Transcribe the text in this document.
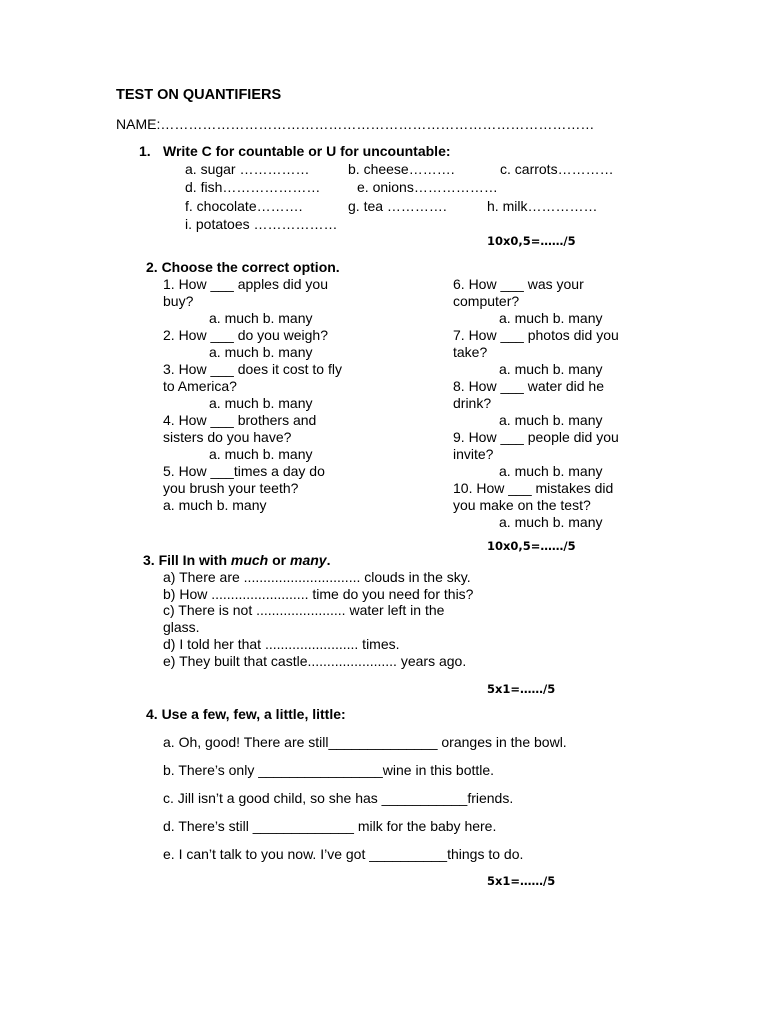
TEST ON QUANTIFIERS
NAME:…………………………………………………………………………………
1. Write C for countable or U for uncountable:
a. sugar ……………	b. cheese……….	c. carrots…………
d. fish…………………	e. onions………………
f. chocolate……….	g. tea ………….	h. milk……………
i. potatoes ………………
10x0,5=……/5
2. Choose the correct option.
1. How ___ apples did you
buy?
a. much b. many
2. How ___ do you weigh?
a. much b. many
3. How ___ does it cost to fly
to America?
a. much b. many
4. How ___ brothers and
sisters do you have?
a. much b. many
5. How ___times a day do
you brush your teeth?
a. much b. many
6. How ___ was your
computer?
a. much b. many
7. How ___ photos did you
take?
a. much b. many
8. How ___ water did he
drink?
a. much b. many
9. How ___ people did you
invite?
a. much b. many
10. How ___ mistakes did
you make on the test?
a. much b. many
10x0,5=……/5
3. Fill In with much or many.
a) There are .............................. clouds in the sky.
b) How ......................... time do you need for this?
c) There is not ....................... water left in the
glass.
d) I told her that ........................ times.
e) They built that castle....................... years ago.
5x1=……/5
4. Use a few, few, a little, little:
a. Oh, good! There are still______________ oranges in the bowl.
b. There’s only ________________wine in this bottle.
c. Jill isn’t a good child, so she has ___________friends.
d. There’s still _____________ milk for the baby here.
e. I can’t talk to you now. I’ve got __________things to do.
5x1=……/5
